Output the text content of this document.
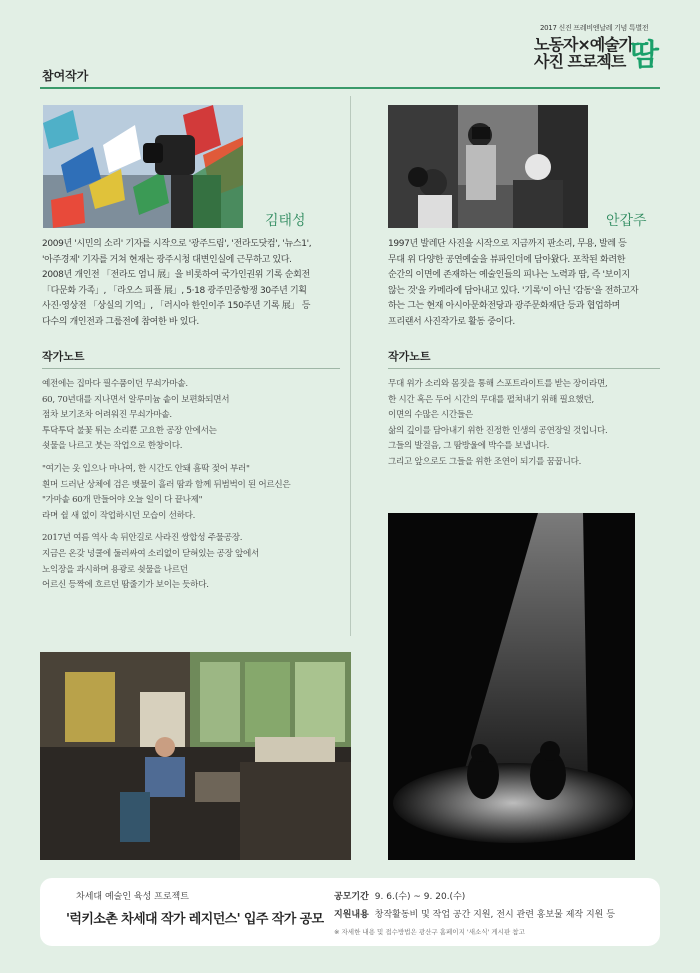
2017 신진 프레비엔날레 기념 특별전
노동자×예술가 사진 프로젝트 땀
참여작가
김태성	안갑주
2009년 '시민의 소리' 기자를 시작으로 '광주드림', '전라도닷컴', '뉴스1',
'아주경제' 기자를 거쳐 현재는 광주시청 대변인실에 근무하고 있다.
2008년 개인전 「전라도 엄니 展」을 비롯하여 국가인권위 기록 순회전
「다문화 가족」, 「라오스 피플 展」, 5·18 광주민중항쟁 30주년 기획
사진·영상전 「상실의 기억」, 「러시아 한인이주 150주년 기록 展」 등
다수의 개인전과 그룹전에 참여한 바 있다.
1997년 발레단 사진을 시작으로 지금까지 판소리, 무용, 발레 등
무대 위 다양한 공연예술을 뷰파인더에 담아왔다. 포착된 화려한
순간의 이면에 존재하는 예술인들의 피나는 노력과 땀, 즉 '보이지
않는 것'을 카메라에 담아내고 있다. '기록'이 아닌 '감동'을 전하고자
하는 그는 현재 아시아문화전당과 광주문화재단 등과 협업하며
프리랜서 사진작가로 활동 중이다.
작가노트

예전에는 집마다 필수품이던 무쇠가마솥.
60, 70년대를 지나면서 알루미늄 솥이 보편화되면서
점차 보기조차 어려워진 무쇠가마솥.
투닥투닥 불꽃 튀는 소리뿐 고요한 공장 안에서는
쇳물을 나르고 붓는 작업으로 한창이다.

"여기는 옷 입으나 마나여, 한 시간도 안돼 흠딱 젖어 부러"
흰머 드러난 상체에 검은 뱃물이 흘러 땀과 함께 뒤범벅이 된 어르신은
"가마솥 60개 만들어야 오늘 일이 다 끝나제"
라며 쉴 새 없이 작업하시던 모습이 선하다.

2017년 여름 역사 속 뒤안길로 사라진 쌍합성 주물공장.
지금은 온갖 넝쿨에 둘러싸여 소리없이 닫혀있는 공장 앞에서
노익장을 과시하며 용광로 쇳물을 나르던
어르신 등짝에 흐르던 땀줄기가 보이는 듯하다.

작가노트

무대 위가 소리와 몸짓을 통해 스포트라이트를 받는 장이라면,
한 시간 혹은 두어 시간의 무대를 펼쳐내기 위해 필요했던,
이면의 수많은 시간들은
삶의 깊이를 담아내기 위한 진정한 인생의 공연장일 것입니다.
그들의 발걸음, 그 땀방울에 박수를 보냅니다.
그리고 앞으로도 그들을 위한 조연이 되기를 꿈꿉니다.

차세대 예술인 육성 프로젝트
'럭키소촌 차세대 작가 레지던스' 입주 작가 공모
공모기간 9. 6.(수) ~ 9. 20.(수)
지원내용 창작활동비 및 작업 공간 지원, 전시 관련 홍보물 제작 지원 등
※ 자세한 내용 및 접수방법은 광산구 홈페이지 '새소식' 게시판 참고
